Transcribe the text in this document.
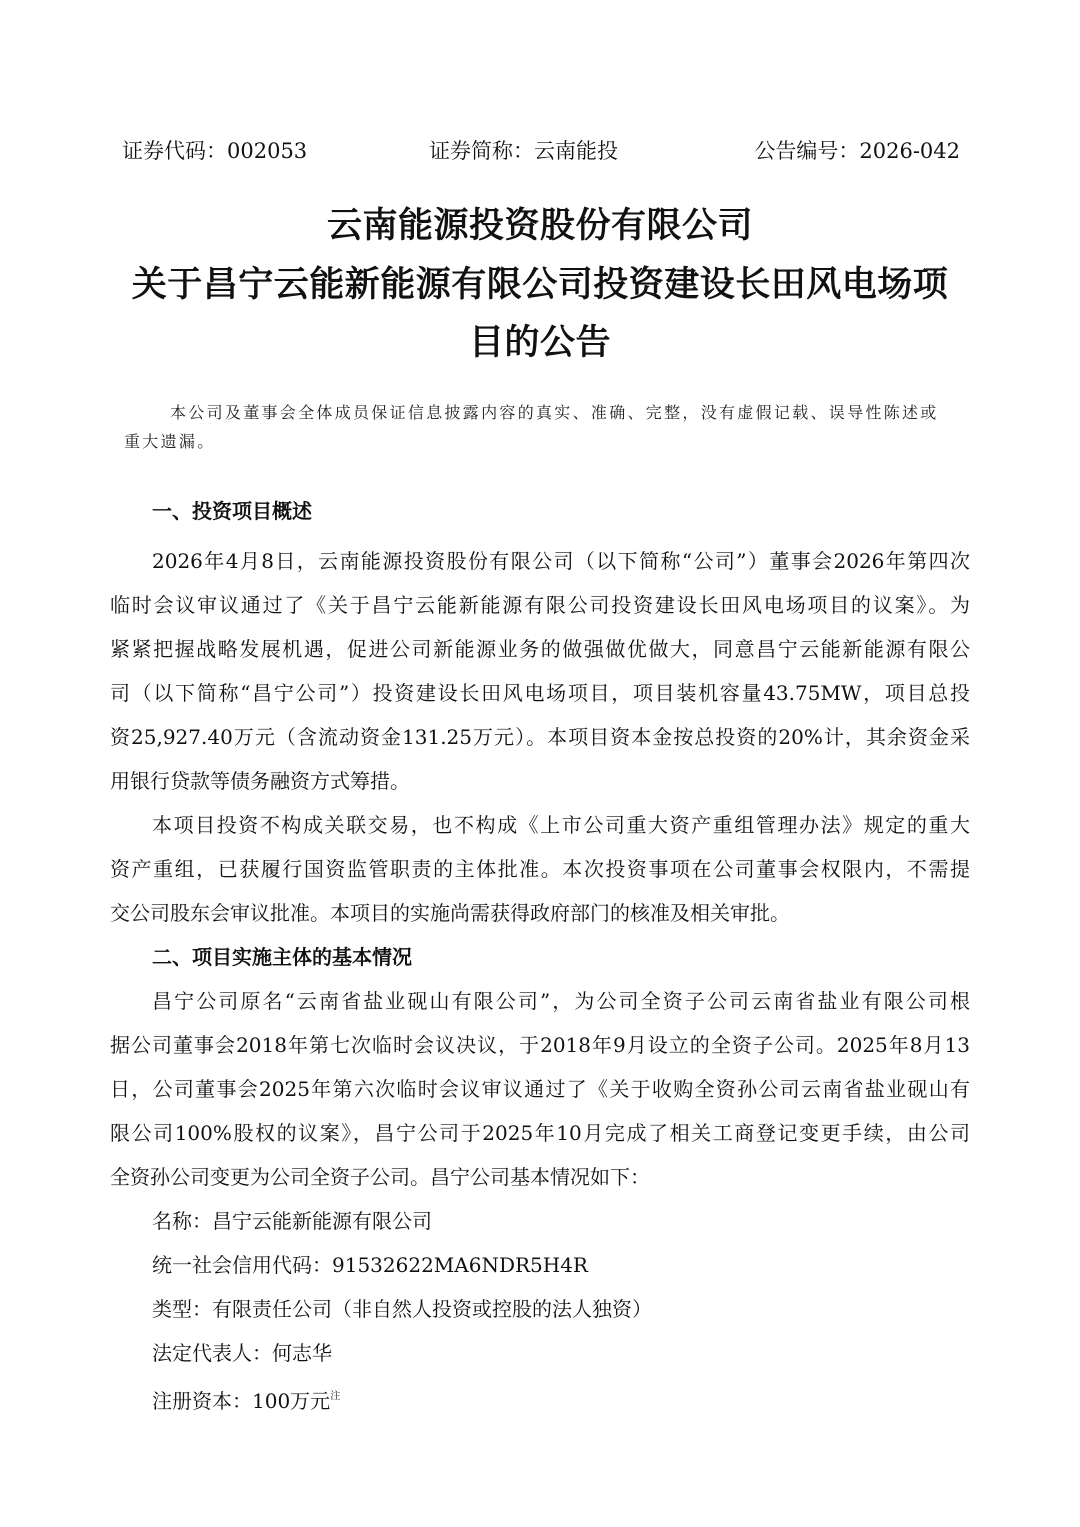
证券代码：002053	证券简称：云南能投	公告编号：2026-042
云南能源投资股份有限公司
关于昌宁云能新能源有限公司投资建设长田风电场项
目的公告
本公司及董事会全体成员保证信息披露内容的真实、准确、完整，没有虚假记载、误导性陈述或
重大遗漏。
一、投资项目概述
2026年4月8日，云南能源投资股份有限公司（以下简称“公司”）董事会2026年第四次
临时会议审议通过了《关于昌宁云能新能源有限公司投资建设长田风电场项目的议案》。为
紧紧把握战略发展机遇，促进公司新能源业务的做强做优做大，同意昌宁云能新能源有限公
司（以下简称“昌宁公司”）投资建设长田风电场项目，项目装机容量43.75MW，项目总投
资25,927.40万元（含流动资金131.25万元）。本项目资本金按总投资的20%计，其余资金采
用银行贷款等债务融资方式筹措。
本项目投资不构成关联交易，也不构成《上市公司重大资产重组管理办法》规定的重大
资产重组，已获履行国资监管职责的主体批准。本次投资事项在公司董事会权限内，不需提
交公司股东会审议批准。本项目的实施尚需获得政府部门的核准及相关审批。
二、项目实施主体的基本情况
昌宁公司原名“云南省盐业砚山有限公司”，为公司全资子公司云南省盐业有限公司根
据公司董事会2018年第七次临时会议决议，于2018年9月设立的全资子公司。2025年8月13
日，公司董事会2025年第六次临时会议审议通过了《关于收购全资孙公司云南省盐业砚山有
限公司100%股权的议案》，昌宁公司于2025年10月完成了相关工商登记变更手续，由公司
全资孙公司变更为公司全资子公司。昌宁公司基本情况如下：
名称：昌宁云能新能源有限公司
统一社会信用代码：91532622MA6NDR5H4R
类型：有限责任公司（非自然人投资或控股的法人独资）
法定代表人：何志华
注册资本：100万元$^注$
